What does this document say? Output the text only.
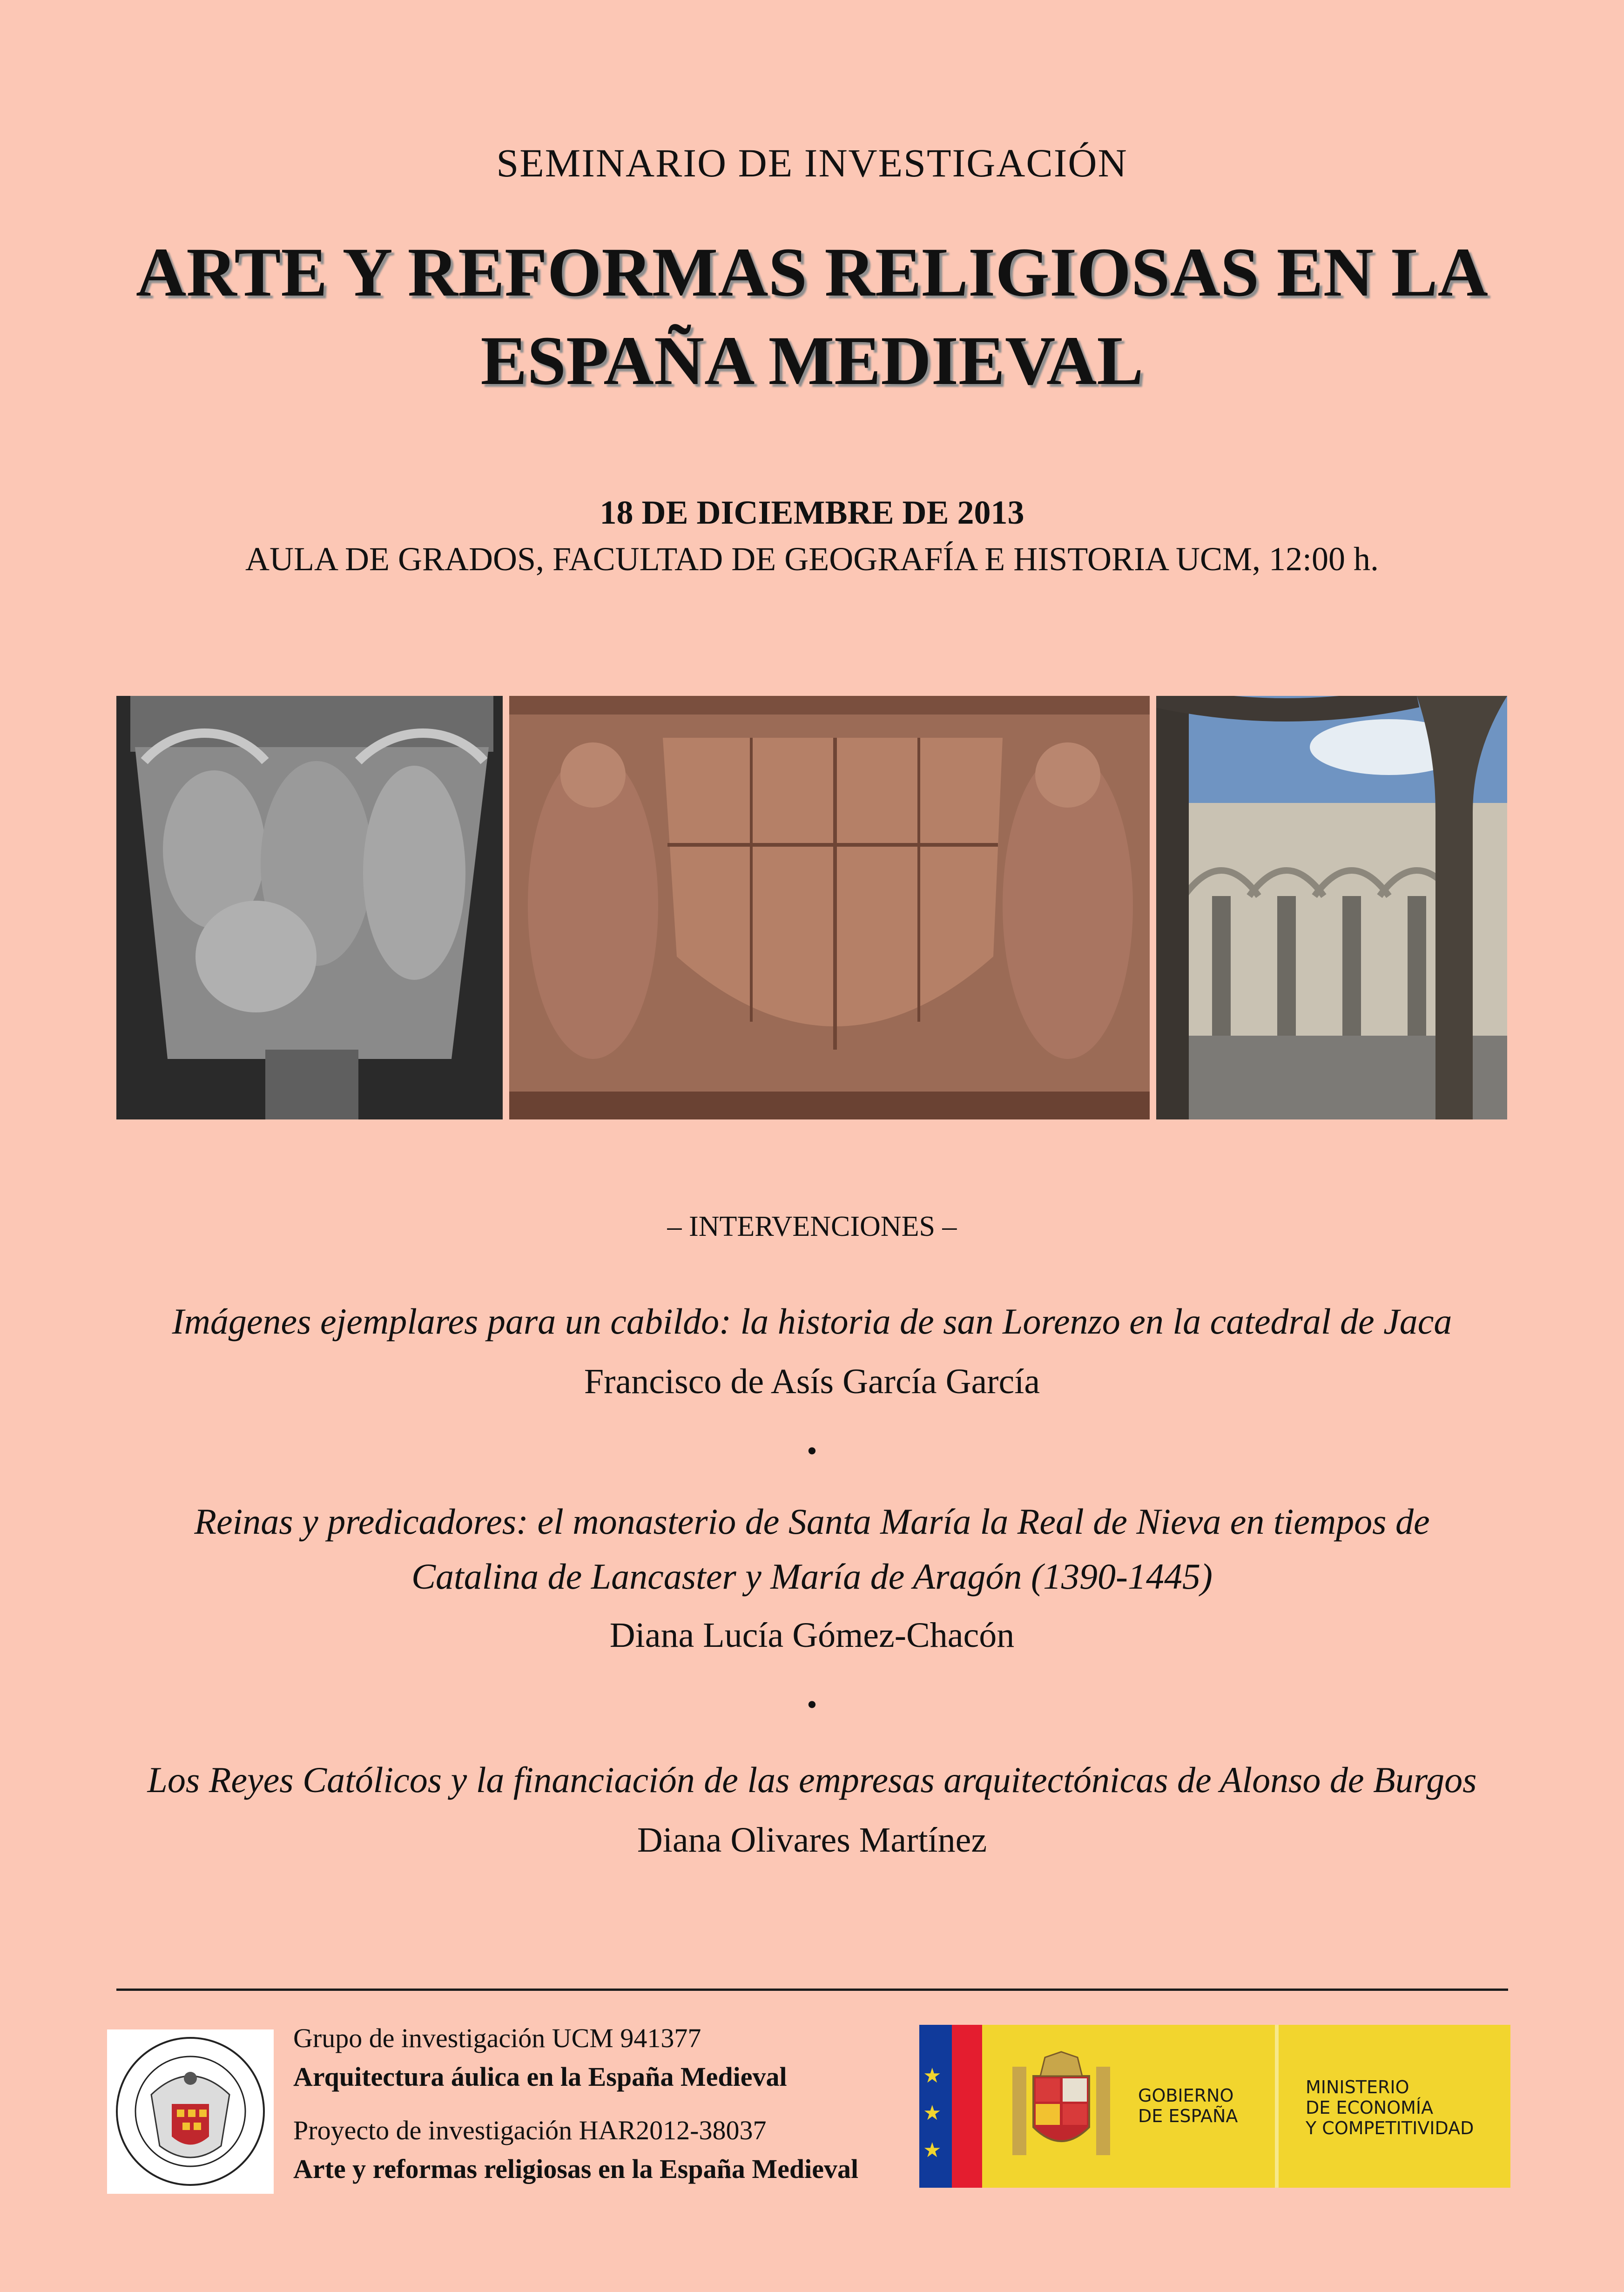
SEMINARIO DE INVESTIGACIÓN
ARTE Y REFORMAS RELIGIOSAS EN LA
ESPAÑA MEDIEVAL
18 DE DICIEMBRE DE 2013
AULA DE GRADOS, FACULTAD DE GEOGRAFÍA E HISTORIA UCM, 12:00 h.
– INTERVENCIONES –
Imágenes ejemplares para un cabildo: la historia de san Lorenzo en la catedral de Jaca
Francisco de Asís García García
•
Reinas y predicadores: el monasterio de Santa María la Real de Nieva en tiempos de
Catalina de Lancaster y María de Aragón (1390-1445)
Diana Lucía Gómez-Chacón
•
Los Reyes Católicos y la financiación de las empresas arquitectónicas de Alonso de Burgos
Diana Olivares Martínez
Grupo de investigación UCM 941377
Arquitectura áulica en la España Medieval
Proyecto de investigación HAR2012-38037
Arte y reformas religiosas en la España Medieval
★
★
★
GOBIERNO
DE ESPAÑA
MINISTERIO
DE ECONOMÍA
Y COMPETITIVIDAD
